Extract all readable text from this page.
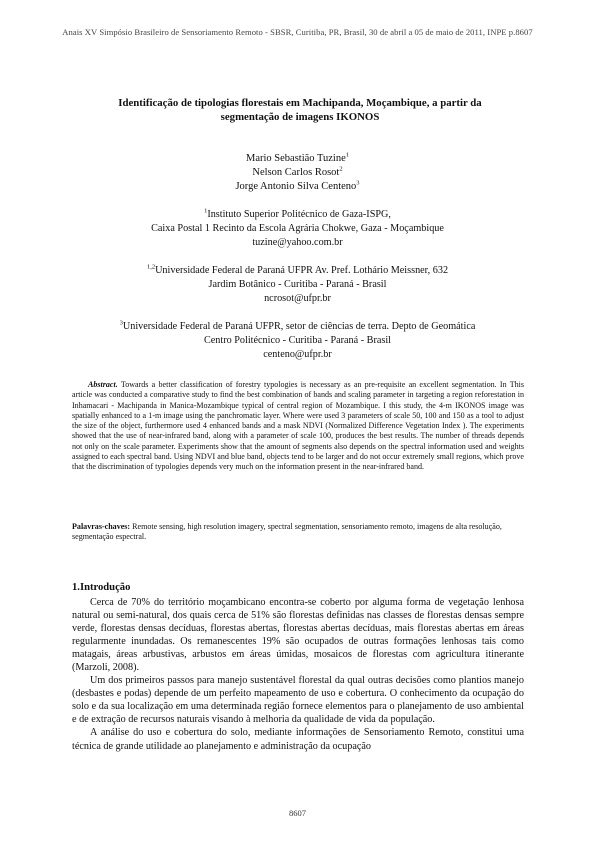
Anais XV Simpósio Brasileiro de Sensoriamento Remoto - SBSR, Curitiba, PR, Brasil, 30 de abril a 05 de maio de 2011, INPE p.8607
Identificação de tipologias florestais em Machipanda, Moçambique, a partir da
segmentação de imagens IKONOS
Mario Sebastião Tuzine$^1$
Nelson Carlos Rosot$^2$
Jorge Antonio Silva Centeno$^3$
$^1$Instituto Superior Politécnico de Gaza-ISPG,
Caixa Postal 1 Recinto da Escola Agrária Chokwe, Gaza - Moçambique
tuzine@yahoo.com.br
$^{1,2}$Universidade Federal de Paraná UFPR Av. Pref. Lothário Meissner, 632
Jardim Botânico - Curitiba - Paraná - Brasil
ncrosot@ufpr.br
$^3$Universidade Federal de Paraná UFPR, setor de ciências de terra. Depto de Geomática
Centro Politécnico - Curitiba - Paraná - Brasil
centeno@ufpr.br
Abstract. Towards a better classification of forestry typologies is necessary as an pre-requisite an excellent segmentation. In This article was conducted a comparative study to find the best combination of bands and scaling parameter in targeting a region reforestation in Inhamacari - Machipanda in Manica-Mozambique typical of central region of Mozambique. I this study, the 4-m IKONOS image was spatially enhanced to a 1-m image using the panchromatic layer. Where were used 3 parameters of scale 50, 100 and 150 as a tool to adjust the size of the object, furthermore used 4 enhanced bands and a mask NDVI (Normalized Difference Vegetation Index ). The experiments showed that the use of near-infrared band, along with a parameter of scale 100, produces the best results. The number of threads depends not only on the scale parameter. Experiments show that the amount of segments also depends on the spectral information used and weights assigned to each spectral band. Using NDVI and blue band, objects tend to be larger and do not occur extremely small regions, which prove that the discrimination of typologies depends very much on the information present in the near-infrared band.
Palavras-chaves: Remote sensing, high resolution imagery, spectral segmentation, sensoriamento remoto, imagens de alta resolução, segmentação espectral.
1.Introdução

Cerca de 70% do território moçambicano encontra-se coberto por alguma forma de vegetação lenhosa natural ou semi-natural, dos quais cerca de 51% são florestas definidas nas classes de florestas densas sempre verde, florestas densas decíduas, florestas abertas, florestas abertas decíduas, mais florestas abertas em áreas regularmente inundadas. Os remanescentes 19% são ocupados de outras formações lenhosas tais como matagais, áreas arbustivas, arbustos em áreas úmidas, mosaicos de florestas com agricultura itinerante (Marzoli, 2008).

Um dos primeiros passos para manejo sustentável florestal da qual outras decisões como plantios manejo (desbastes e podas) depende de um perfeito mapeamento de uso e cobertura. O conhecimento da ocupação do solo e da sua localização em uma determinada região fornece elementos para o planejamento de uso ambiental e de extração de recursos naturais visando à melhoria da qualidade de vida da população.

A análise do uso e cobertura do solo, mediante informações de Sensoriamento Remoto, constitui uma técnica de grande utilidade ao planejamento e administração da ocupação

8607
